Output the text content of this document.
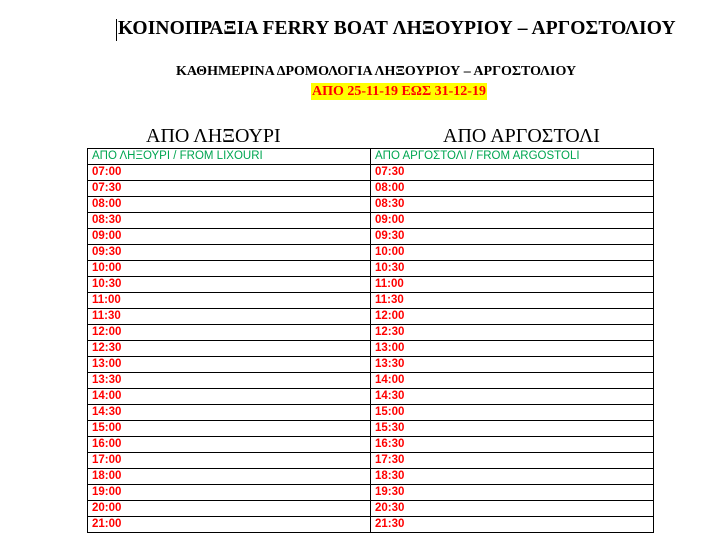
ΚΟΙΝΟΠΡΑΞΙΑ FERRY BOAT ΛΗΞΟΥΡΙΟΥ – ΑΡΓΟΣΤΟΛΙΟΥ
ΚΑΘΗΜΕΡΙΝΑ ΔΡΟΜΟΛΟΓΙΑ ΛΗΞΟΥΡΙΟΥ – ΑΡΓΟΣΤΟΛΙΟΥ
ΑΠΟ 25-11-19 ΕΩΣ 31-12-19
ΑΠΟ ΛΗΞΟΥΡΙ	ΑΠΟ ΑΡΓΟΣΤΟΛΙ
ΑΠΟ ΛΗΞΟΥΡΙ / FROM LIXOURI	ΑΠΟ ΑΡΓΟΣΤΟΛΙ / FROM ARGOSTOLI
07:00	07:30
07:30	08:00
08:00	08:30
08:30	09:00
09:00	09:30
09:30	10:00
10:00	10:30
10:30	11:00
11:00	11:30
11:30	12:00
12:00	12:30
12:30	13:00
13:00	13:30
13:30	14:00
14:00	14:30
14:30	15:00
15:00	15:30
16:00	16:30
17:00	17:30
18:00	18:30
19:00	19:30
20:00	20:30
21:00	21:30
